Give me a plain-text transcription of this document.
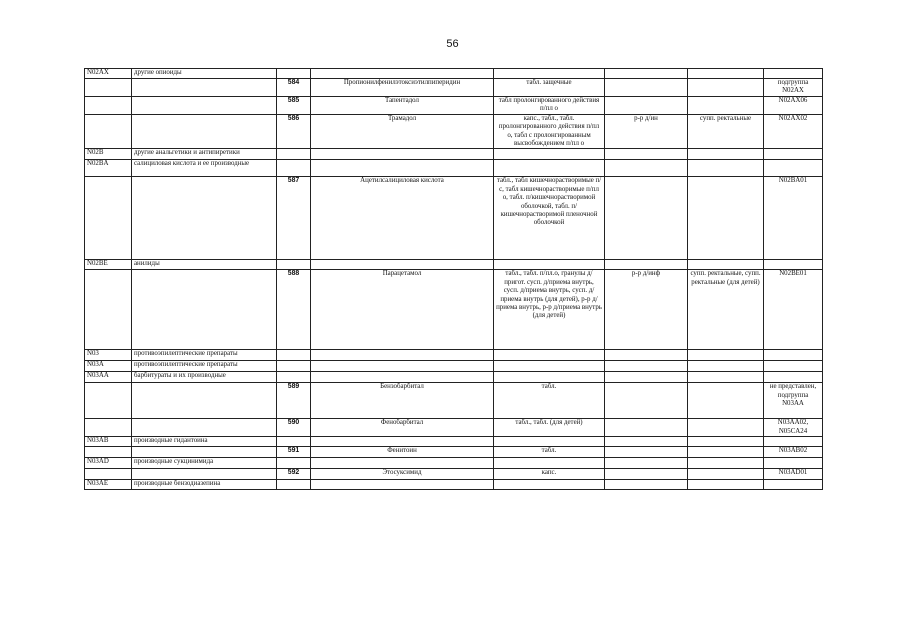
56
N02AX	другие опиоиды						
		584	Пропионилфенилэтоксиэтилпиперидин	табл. защечные			подгруппа N02AX
		585	Тапентадол	табл пролонгированного действия п/пл о			N02AX06
		586	Трамадол	капс., табл., табл. пролонгированного действия п/пл о, табл с пролонгированным высвобождением п/пл о	р-р д/ин	супп. ректальные	N02AX02
N02B	другие анальгетики и антипиретики						
N02BA	салициловая кислота и ее производные						
		587	Ацетилсалициловая кислота	табл., табл кишечнорастворимые п/с, табл кишечнорастворимые п/пл о, табл. п/кишечнорастворимой оболочкой, табл. п/кишечнорастворимой пленочной оболочкой			N02BA01
N02BE	анилиды						
		588	Парацетамол	табл., табл. п/пл.о, гранулы д/пригот. сусп. д/приема внутрь, сусп. д/приема внутрь, сусп. д/приема внутрь (для детей), р-р д/приема внутрь, р-р д/приема внутрь (для детей)	р-р д/инф	супп. ректальные, супп. ректальные (для детей)	N02BE01
N03	противоэпилептические препараты						
N03A	противоэпилептические препараты						
N03AA	барбитураты и их производные						
		589	Бензобарбитал	табл.			не представлен, подгруппа N03AA
		590	Фенобарбитал	табл., табл. (для детей)			N03AA02, N05CA24
N03AB	производные гидантоина						
		591	Фенитоин	табл.			N03AB02
N03AD	производные сукцинимида						
		592	Этосуксимид	капс.			N03AD01
N03AE	производные бензодиазепина						
